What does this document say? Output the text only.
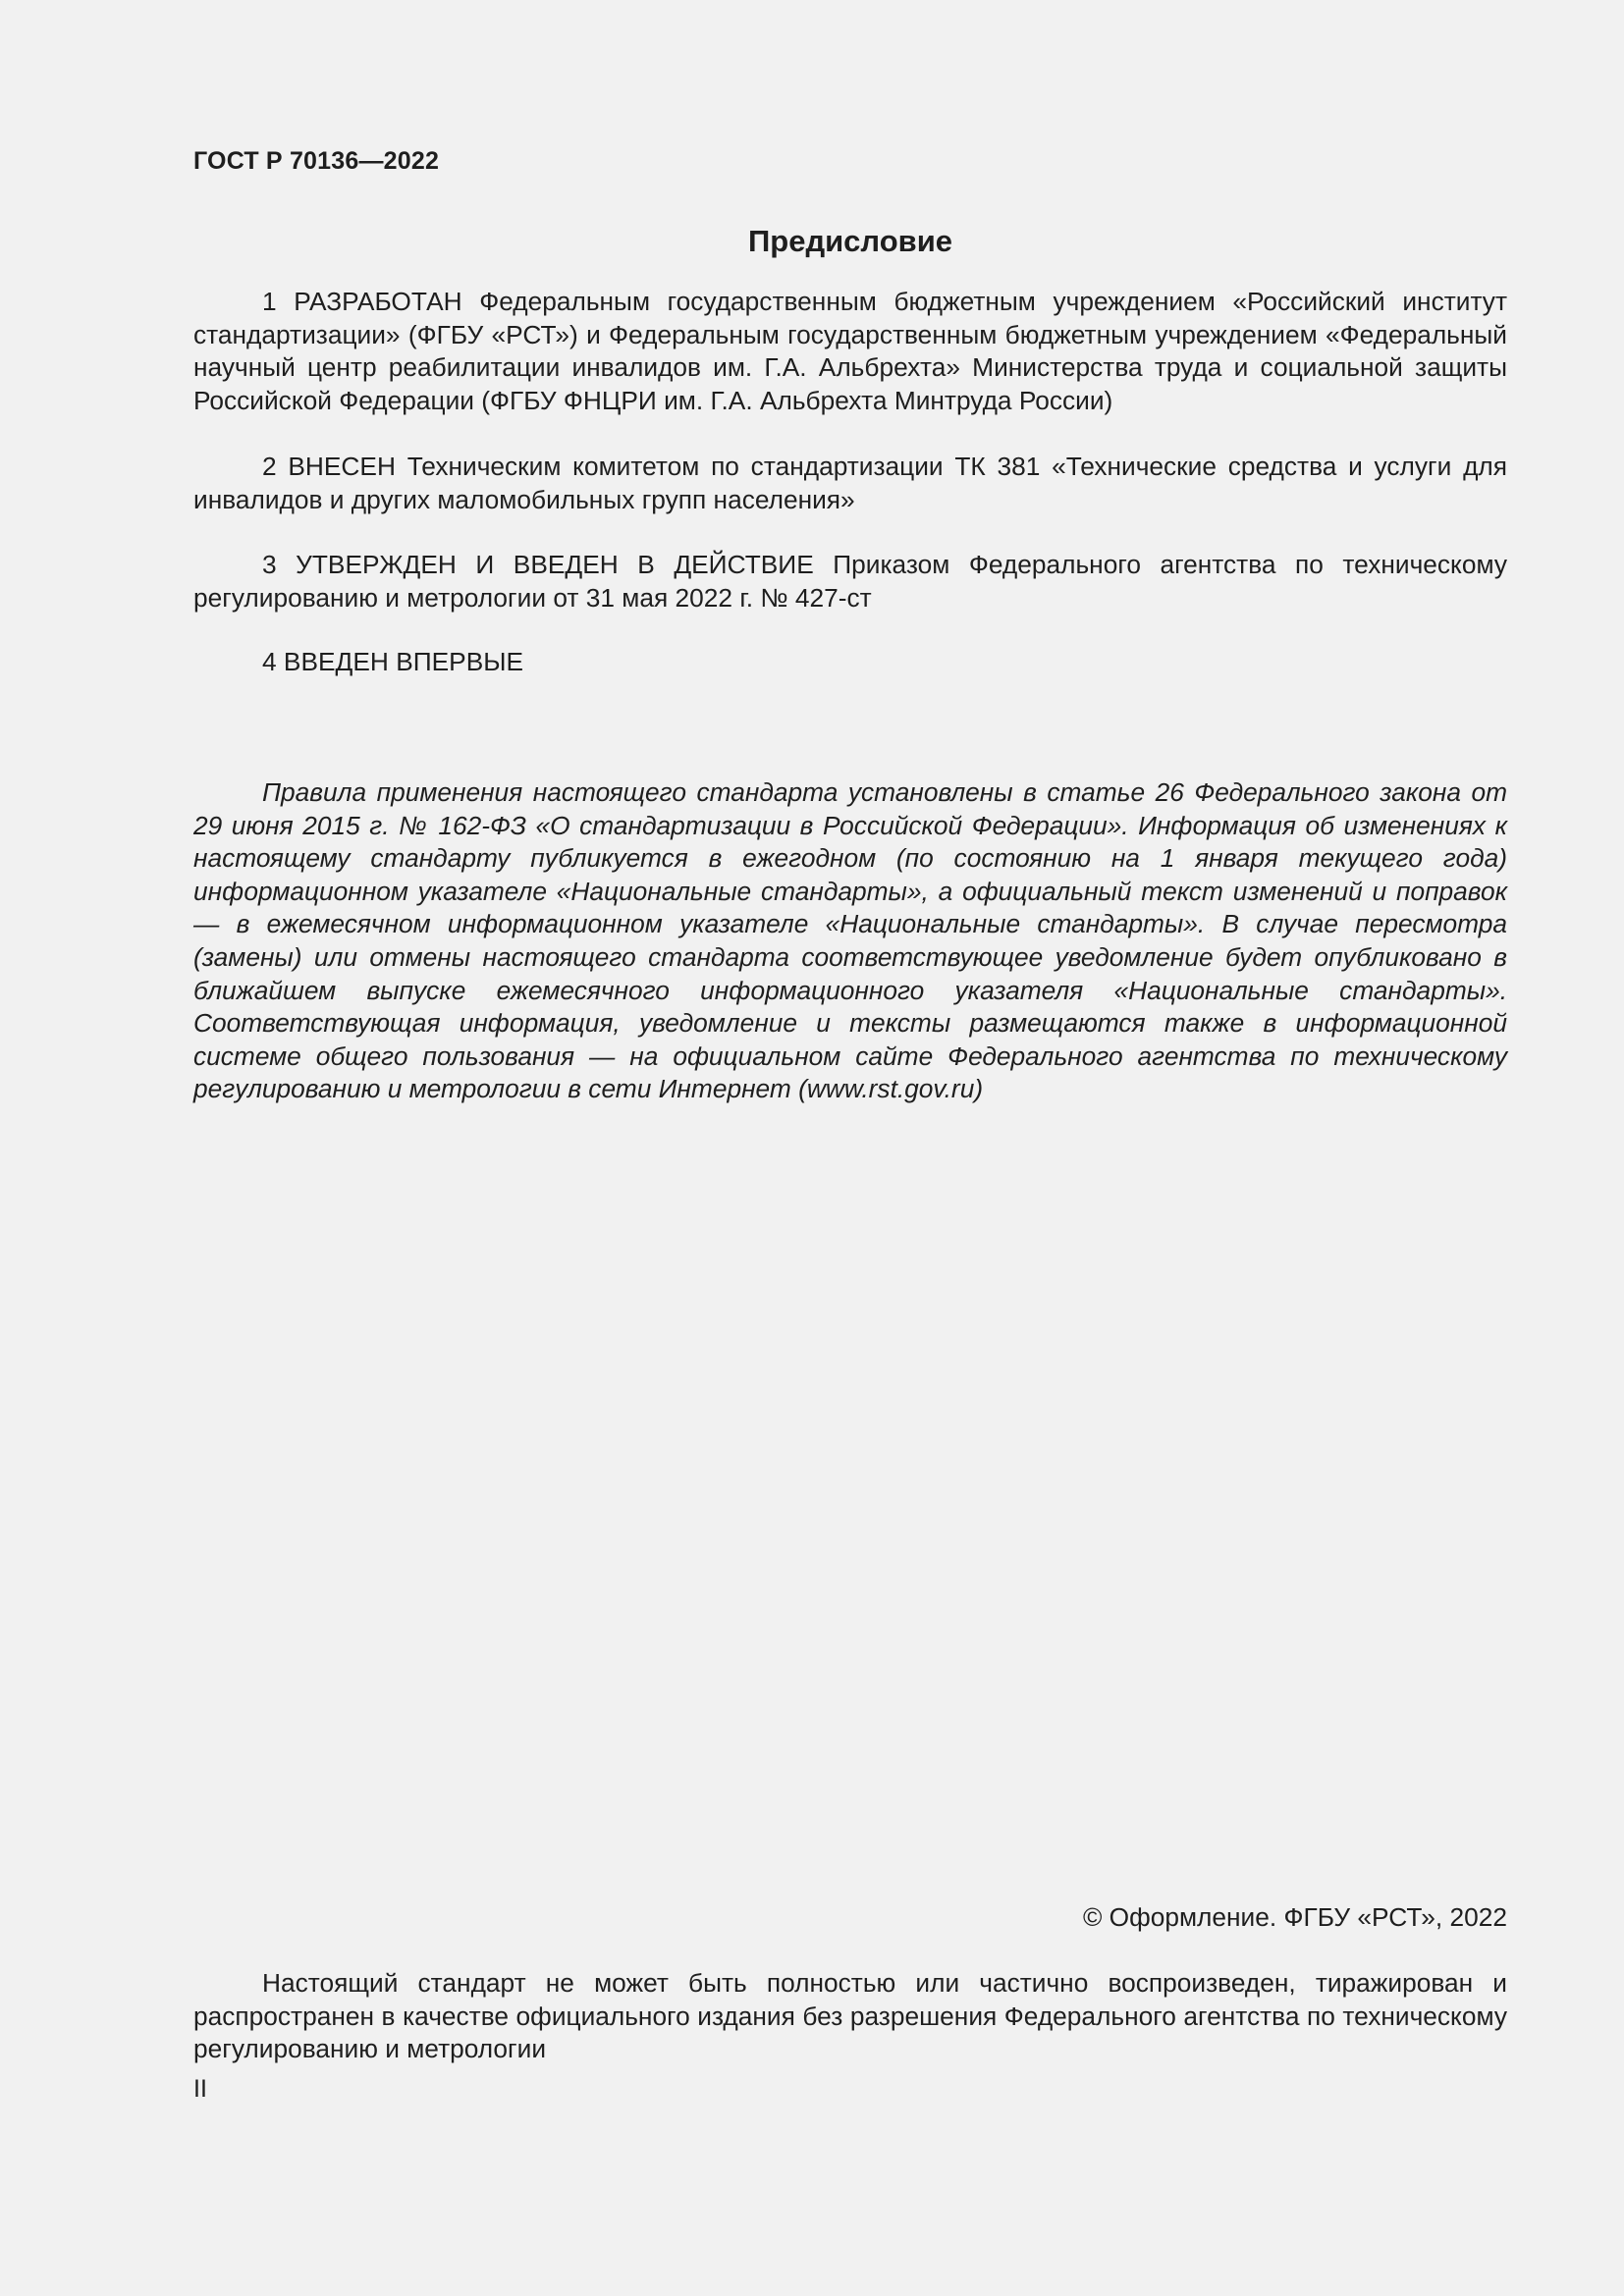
ГОСТ Р 70136—2022
Предисловие

1 РАЗРАБОТАН Федеральным государственным бюджетным учреждением «Российский институт стандартизации» (ФГБУ «РСТ») и Федеральным государственным бюджетным учреждением «Федеральный научный центр реабилитации инвалидов им. Г.А. Альбрехта» Министерства труда и социальной защиты Российской Федерации (ФГБУ ФНЦРИ им. Г.А. Альбрехта Минтруда России)

2 ВНЕСЕН Техническим комитетом по стандартизации ТК 381 «Технические средства и услуги для инвалидов и других маломобильных групп населения»

3 УТВЕРЖДЕН И ВВЕДЕН В ДЕЙСТВИЕ Приказом Федерального агентства по техническому регулированию и метрологии от 31 мая 2022 г. № 427-ст

4 ВВЕДЕН ВПЕРВЫЕ

Правила применения настоящего стандарта установлены в статье 26 Федерального закона от 29 июня 2015 г. № 162-ФЗ «О стандартизации в Российской Федерации». Информация об изменениях к настоящему стандарту публикуется в ежегодном (по состоянию на 1 января текущего года) информационном указателе «Национальные стандарты», а официальный текст изменений и поправок — в ежемесячном информационном указателе «Национальные стандарты». В случае пересмотра (замены) или отмены настоящего стандарта соответствующее уведомление будет опубликовано в ближайшем выпуске ежемесячного информационного указателя «Национальные стандарты». Соответствующая информация, уведомление и тексты размещаются также в информационной системе общего пользования — на официальном сайте Федерального агентства по техническому регулированию и метрологии в сети Интернет (www.rst.gov.ru)

© Оформление. ФГБУ «РСТ», 2022

Настоящий стандарт не может быть полностью или частично воспроизведен, тиражирован и распространен в качестве официального издания без разрешения Федерального агентства по техническому регулированию и метрологии

II
